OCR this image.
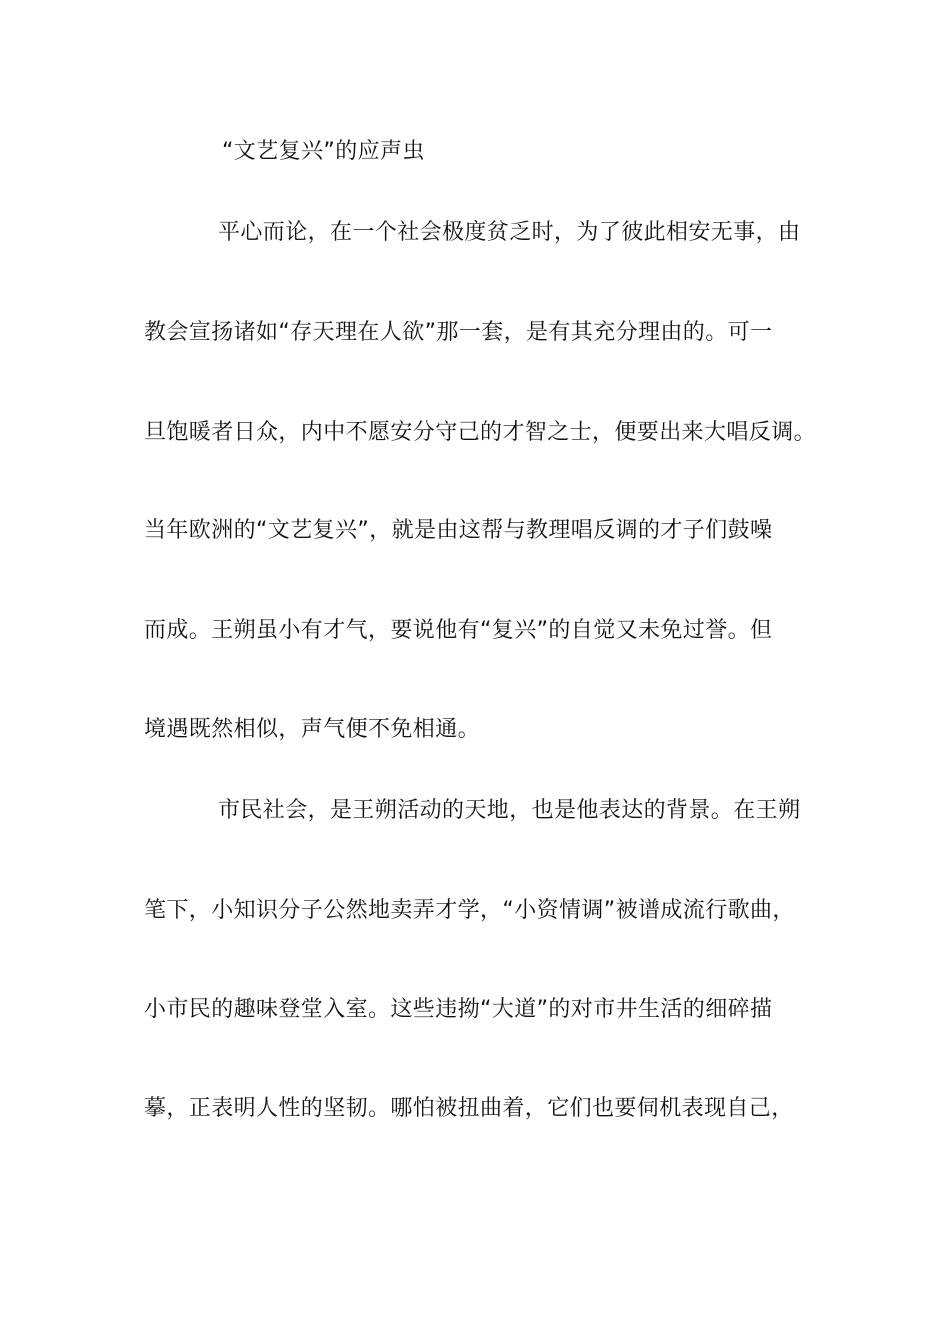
“文艺复兴”的应声虫
平心而论，在一个社会极度贫乏时，为了彼此相安无事，由
教会宣扬诸如“存天理在人欲”那一套，是有其充分理由的。可一
旦饱暖者日众，内中不愿安分守己的才智之士，便要出来大唱反调。
当年欧洲的“文艺复兴”，就是由这帮与教理唱反调的才子们鼓噪
而成。王朔虽小有才气，要说他有“复兴”的自觉又未免过誉。但
境遇既然相似，声气便不免相通。
市民社会，是王朔活动的天地，也是他表达的背景。在王朔
笔下，小知识分子公然地卖弄才学，“小资情调”被谱成流行歌曲，
小市民的趣味登堂入室。这些违拗“大道”的对市井生活的细碎描
摹，正表明人性的坚韧。哪怕被扭曲着，它们也要伺机表现自己，
